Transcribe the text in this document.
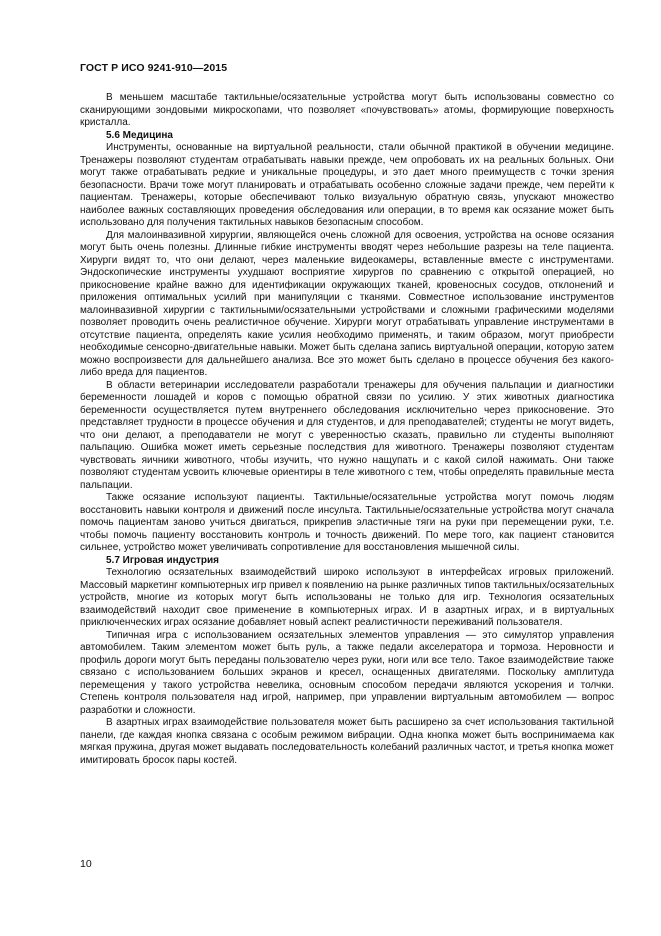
ГОСТ Р ИСО 9241-910—2015

В меньшем масштабе тактильные/осязательные устройства могут быть использованы совместно со сканирующими зондовыми микроскопами, что позволяет «почувствовать» атомы, формирующие поверхность кристалла.

5.6 Медицина

Инструменты, основанные на виртуальной реальности, стали обычной практикой в обучении медицине. Тренажеры позволяют студентам отрабатывать навыки прежде, чем опробовать их на реальных больных. Они могут также отрабатывать редкие и уникальные процедуры, и это дает много преимуществ с точки зрения безопасности. Врачи тоже могут планировать и отрабатывать особенно сложные задачи прежде, чем перейти к пациентам. Тренажеры, которые обеспечивают только визуальную обратную связь, упускают множество наиболее важных составляющих проведения обследования или операции, в то время как осязание может быть использовано для получения тактильных навыков безопасным способом.

Для малоинвазивной хирургии, являющейся очень сложной для освоения, устройства на основе осязания могут быть очень полезны. Длинные гибкие инструменты вводят через небольшие разрезы на теле пациента. Хирурги видят то, что они делают, через маленькие видеокамеры, вставленные вместе с инструментами. Эндоскопические инструменты ухудшают восприятие хирургов по сравнению с открытой операцией, но прикосновение крайне важно для идентификации окружающих тканей, кровеносных сосудов, отклонений и приложения оптимальных усилий при манипуляции с тканями. Совместное использование инструментов малоинвазивной хирургии с тактильными/осязательными устройствами и сложными графическими моделями позволяет проводить очень реалистичное обучение. Хирурги могут отрабатывать управление инструментами в отсутствие пациента, определять какие усилия необходимо применять, и таким образом, могут приобрести необходимые сенсорно-двигательные навыки. Может быть сделана запись виртуальной операции, которую затем можно воспроизвести для дальнейшего анализа. Все это может быть сделано в процессе обучения без какого-либо вреда для пациентов.

В области ветеринарии исследователи разработали тренажеры для обучения пальпации и диагностики беременности лошадей и коров с помощью обратной связи по усилию. У этих животных диагностика беременности осуществляется путем внутреннего обследования исключительно через прикосновение. Это представляет трудности в процессе обучения и для студентов, и для преподавателей; студенты не могут видеть, что они делают, а преподаватели не могут с уверенностью сказать, правильно ли студенты выполняют пальпацию. Ошибка может иметь серьезные последствия для животного. Тренажеры позволяют студентам чувствовать яичники животного, чтобы изучить, что нужно нащупать и с какой силой нажимать. Они также позволяют студентам усвоить ключевые ориентиры в теле животного с тем, чтобы определять правильные места пальпации.

Также осязание используют пациенты. Тактильные/осязательные устройства могут помочь людям восстановить навыки контроля и движений после инсульта. Тактильные/осязательные устройства могут сначала помочь пациентам заново учиться двигаться, прикрепив эластичные тяги на руки при перемещении руки, т.е. чтобы помочь пациенту восстановить контроль и точность движений. По мере того, как пациент становится сильнее, устройство может увеличивать сопротивление для восстановления мышечной силы.

5.7 Игровая индустрия

Технологию осязательных взаимодействий широко используют в интерфейсах игровых приложений. Массовый маркетинг компьютерных игр привел к появлению на рынке различных типов тактильных/осязательных устройств, многие из которых могут быть использованы не только для игр. Технология осязательных взаимодействий находит свое применение в компьютерных играх. И в азартных играх, и в виртуальных приключенческих играх осязание добавляет новый аспект реалистичности переживаний пользователя.

Типичная игра с использованием осязательных элементов управления — это симулятор управления автомобилем. Таким элементом может быть руль, а также педали акселератора и тормоза. Неровности и профиль дороги могут быть переданы пользователю через руки, ноги или все тело. Такое взаимодействие также связано с использованием больших экранов и кресел, оснащенных двигателями. Поскольку амплитуда перемещения у такого устройства невелика, основным способом передачи являются ускорения и толчки. Степень контроля пользователя над игрой, например, при управлении виртуальным автомобилем — вопрос разработки и сложности.

В азартных играх взаимодействие пользователя может быть расширено за счет использования тактильной панели, где каждая кнопка связана с особым режимом вибрации. Одна кнопка может быть воспринимаема как мягкая пружина, другая может выдавать последовательность колебаний различных частот, и третья кнопка может имитировать бросок пары костей.

10
